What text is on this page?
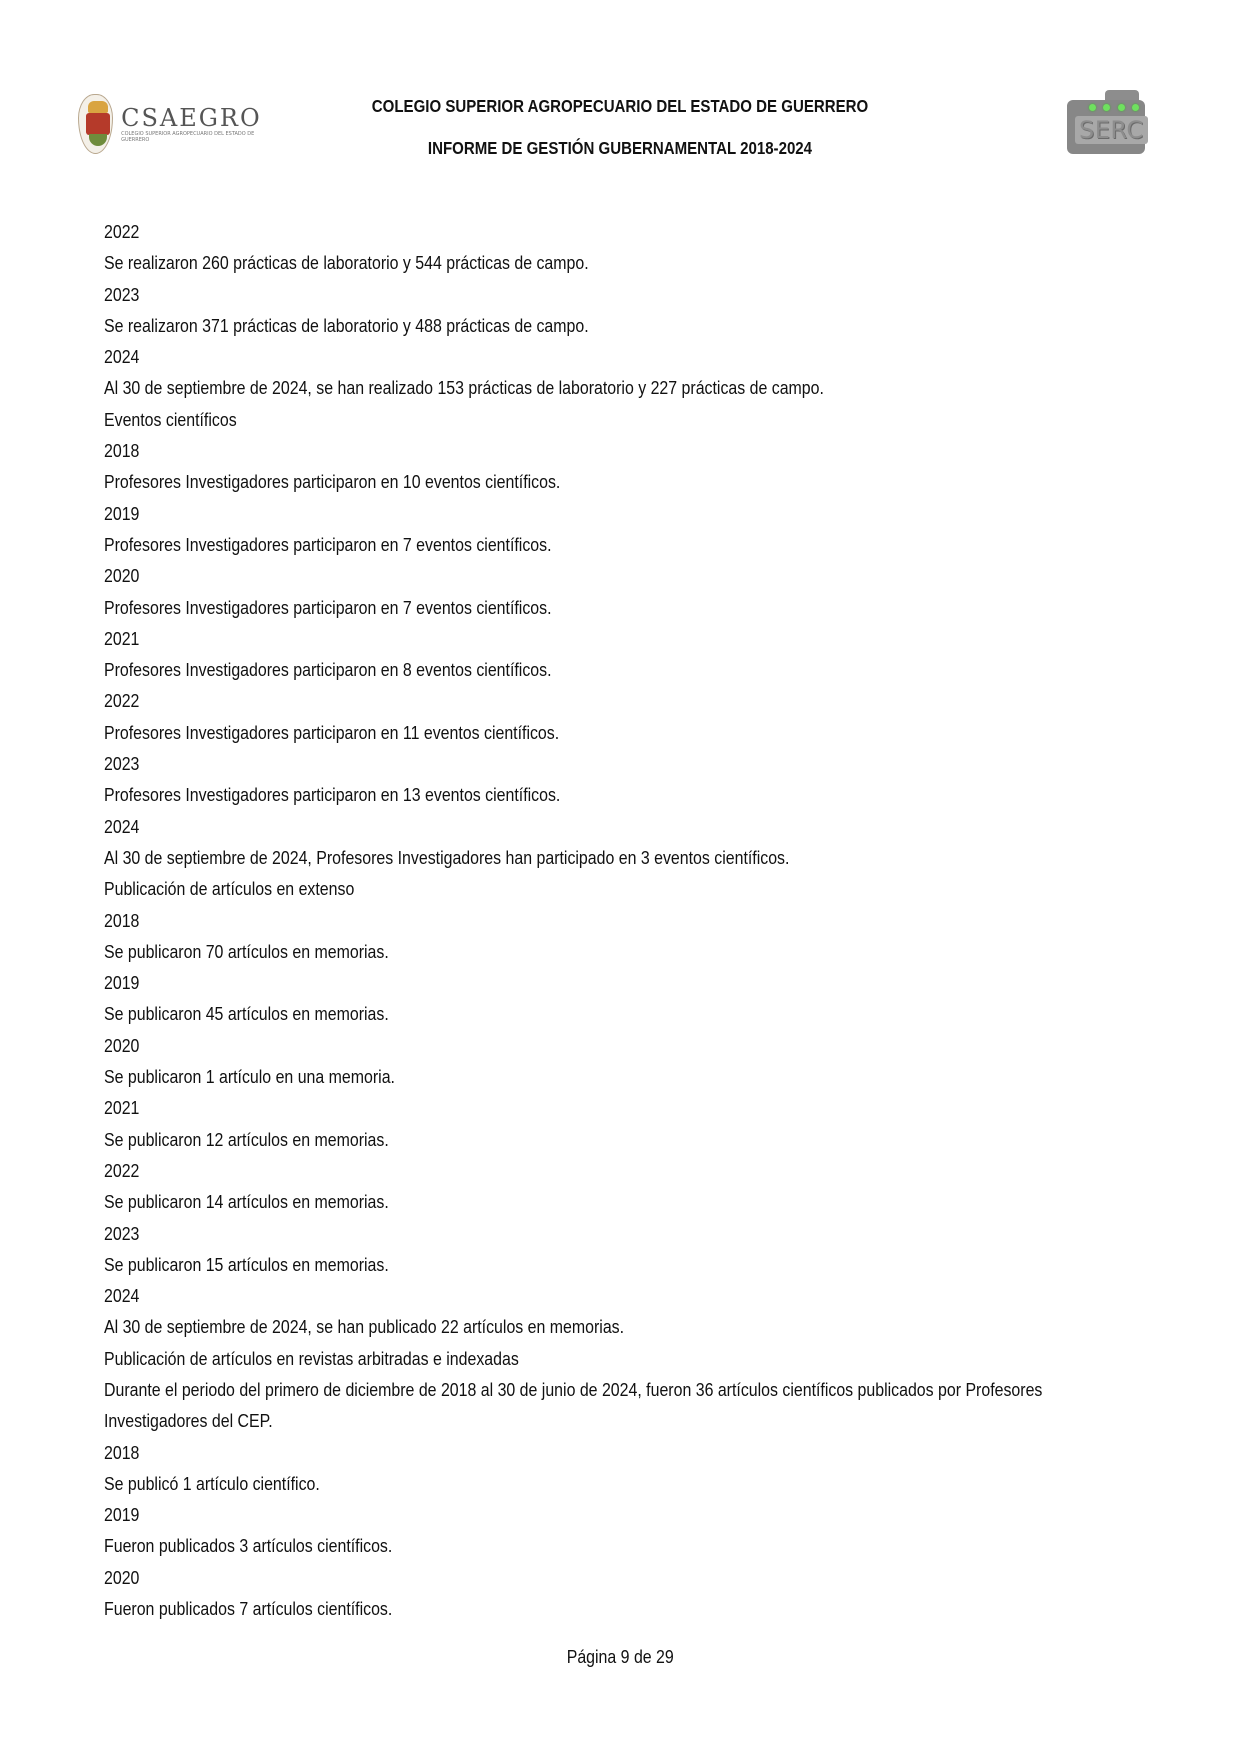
CSAEGRO
COLEGIO SUPERIOR AGROPECUARIO DEL ESTADO DE GUERRERO
COLEGIO SUPERIOR AGROPECUARIO DEL ESTADO DE GUERRERO
INFORME DE GESTIÓN GUBERNAMENTAL 2018-2024
SERC
2022
Se realizaron 260 prácticas de laboratorio y 544 prácticas de campo.
2023
Se realizaron 371 prácticas de laboratorio y 488 prácticas de campo.
2024
Al 30 de septiembre de 2024, se han realizado 153 prácticas de laboratorio y 227 prácticas de campo.
Eventos científicos
2018
Profesores Investigadores participaron en 10 eventos científicos.
2019
Profesores Investigadores participaron en 7 eventos científicos.
2020
Profesores Investigadores participaron en 7 eventos científicos.
2021
Profesores Investigadores participaron en 8 eventos científicos.
2022
Profesores Investigadores participaron en 11 eventos científicos.
2023
Profesores Investigadores participaron en 13 eventos científicos.
2024
Al 30 de septiembre de 2024, Profesores Investigadores han participado en 3 eventos científicos.
Publicación de artículos en extenso
2018
Se publicaron 70 artículos en memorias.
2019
Se publicaron 45 artículos en memorias.
2020
Se publicaron 1 artículo en una memoria.
2021
Se publicaron 12 artículos en memorias.
2022
Se publicaron 14 artículos en memorias.
2023
Se publicaron 15 artículos en memorias.
2024
Al 30 de septiembre de 2024, se han publicado 22 artículos en memorias.
Publicación de artículos en revistas arbitradas e indexadas
Durante el periodo del primero de diciembre de 2018 al 30 de junio de 2024, fueron 36 artículos científicos publicados por Profesores
Investigadores del CEP.
2018
Se publicó 1 artículo científico.
2019
Fueron publicados 3 artículos científicos.
2020
Fueron publicados 7 artículos científicos.
Página 9 de 29
